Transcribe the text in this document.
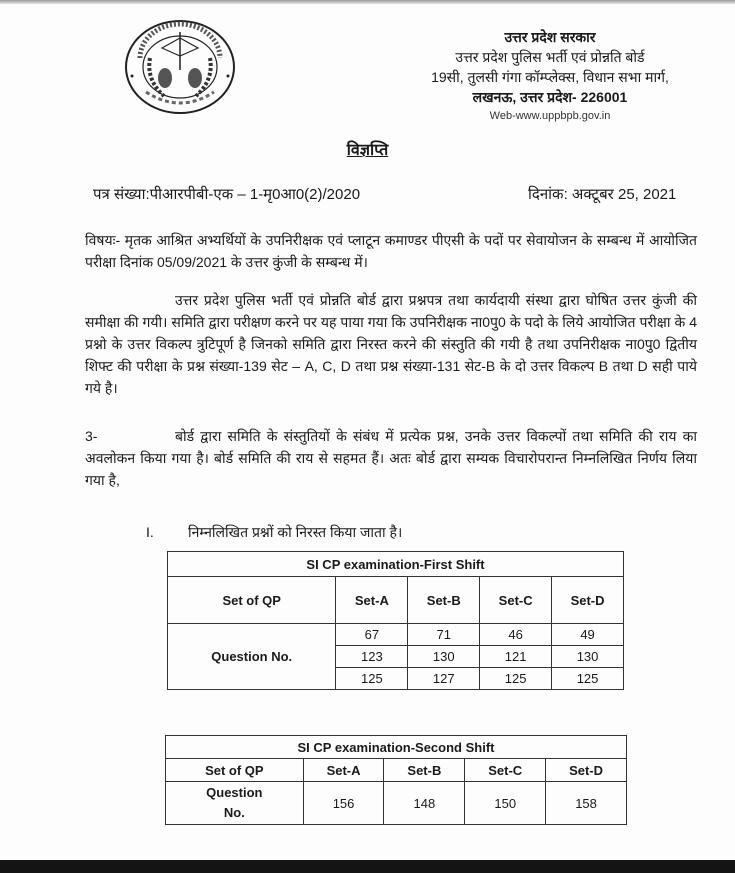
उत्तर प्रदेश सरकार
उत्तर प्रदेश पुलिस भर्ती एवं प्रोन्नति बोर्ड
19सी, तुलसी गंगा कॉम्प्लेक्स, विधान सभा मार्ग,
लखनऊ, उत्तर प्रदेश- 226001
Web-www.uppbpb.gov.in
विज्ञप्ति
पत्र संख्या:पीआरपीबी-एक – 1-मृ0आ0(2)/2020	दिनांक: अक्टूबर 25, 2021
विषयः- मृतक आश्रित अभ्यर्थियों के उपनिरीक्षक एवं प्लाटून कमाण्डर पीएसी के पदों पर सेवायोजन के सम्बन्ध में आयोजित परीक्षा दिनांक 05/09/2021 के उत्तर कुंजी के सम्बन्ध में।
उत्तर प्रदेश पुलिस भर्ती एवं प्रोन्नति बोर्ड द्वारा प्रश्नपत्र तथा कार्यदायी संस्था द्वारा घोषित उत्तर कुंजी की समीक्षा की गयी। समिति द्वारा परीक्षण करने पर यह पाया गया कि उपनिरीक्षक ना0पु0 के पदो के लिये आयोजित परीक्षा के 4 प्रश्नो के उत्तर विकल्प त्रुटिपूर्ण है जिनको समिति द्वारा निरस्त करने की संस्तुति की गयी है तथा उपनिरीक्षक ना0पु0 द्वितीय शिफ्ट की परीक्षा के प्रश्न संख्या-139 सेट – A, C, D तथा प्रश्न संख्या-131 सेट-B के दो उत्तर विकल्प B तथा D सही पाये गये है।
3-	बोर्ड द्वारा समिति के संस्तुतियों के संबंध में प्रत्येक प्रश्न, उनके उत्तर विकल्पों तथा समिति की राय का अवलोकन किया गया है। बोर्ड समिति की राय से सहमत हैं। अतः बोर्ड द्वारा सम्यक विचारोपरान्त निम्नलिखित निर्णय लिया गया है,
I. निम्नलिखित प्रश्नों को निरस्त किया जाता है।
SI CP examination-First Shift				
Set of QP	Set-A	Set-B	Set-C	Set-D
Question No.	67	71	46	49
	123	130	121	130
	125	127	125	125
SI CP examination-Second Shift				
Set of QP	Set-A	Set-B	Set-C	Set-D
Question
No.	156	148	150	158
